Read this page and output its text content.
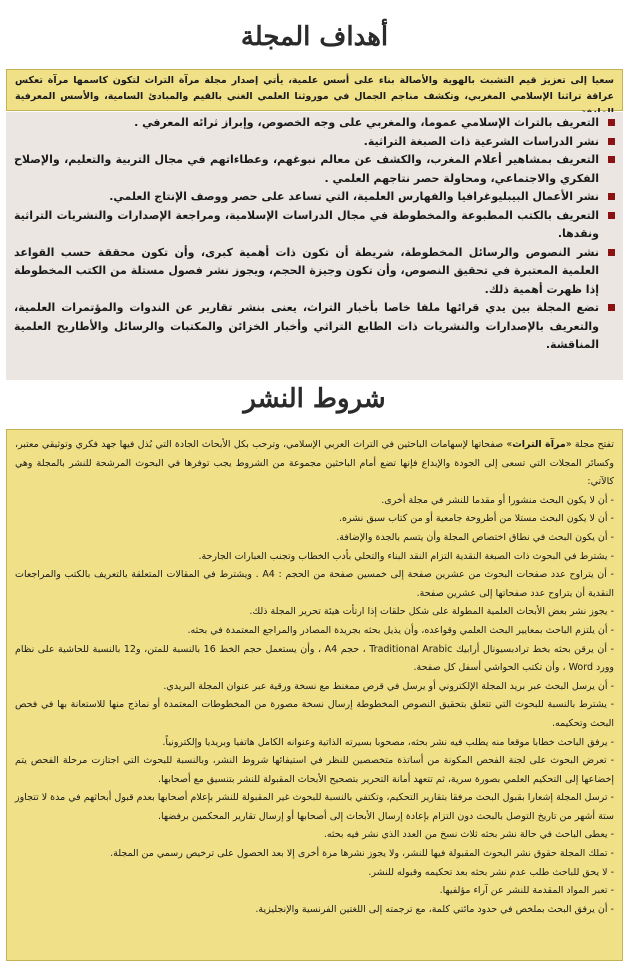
أهداف المجلة
سعيا إلى تعزيز قيم التشبث بالهوية والأصالة بناء على أسس علمية، يأتي إصدار مجلة مرآة التراث لتكون كاسمها مرآة تعكس عراقة تراثنا الإسلامي المغربي، وتكشف مناجم الجمال في موروثنا العلمي الغني بالقيم والمبادئ السامية، والأسس المعرفية
التعريف بالتراث الإسلامي عموما، والمغربي على وجه الخصوص، وإبراز ثرائه المعرفي .
نشر الدراسات الشرعية ذات الصبغة التراثية.
التعريف بمشاهير أعلام المغرب، والكشف عن معالم نبوغهم، وعطاءاتهم في مجال التربية والتعليم، والإصلاح الفكري والاجتماعي، ومحاولة حصر نتاجهم العلمي .
نشر الأعمال البيبليوغرافيا والفهارس العلمية، التي تساعد على حصر ووصف الإنتاج العلمي.
التعريف بالكتب المطبوعة والمخطوطة في مجال الدراسات الإسلامية، ومراجعة الإصدارات والنشريات التراثية ونقدها.
نشر النصوص والرسائل المخطوطة، شريطة أن تكون ذات أهمية كبرى، وأن تكون محققة حسب القواعد العلمية المعتبرة في تحقيق النصوص، وأن تكون وجيزة الحجم، ويجوز نشر فصول مستلة من الكتب المخطوطة إذا ظهرت أهمية ذلك.
تضع المجلة بين يدي قرائها ملفا خاصا بأخبار التراث، يعنى بنشر تقارير عن الندوات والمؤتمرات العلمية، والتعريف بالإصدارات والنشريات ذات الطابع التراثي وأخبار الخزائن والمكتبات والرسائل والأطاريح العلمية المناقشة.
شروط النشر

تفتح مجلة «مرآة التراث» صفحاتها لإسهامات الباحثين في التراث العربي الإسلامي، وترحب بكل الأبحاث الجادة التي بُذل فيها جهد فكري وتوثيقي معتبر، وكسائر المجلات التي تسعى إلى الجودة والإبداع فإنها تضع أمام الباحثين مجموعة من الشروط يجب توفرها في البحوث المرشحة للنشر بالمجلة وهي كالآتي:

- أن لا يكون البحث منشورا أو مقدما للنشر في مجلة أخرى.

- أن لا يكون البحث مستلا من أطروحة جامعية أو من كتاب سبق نشره.

- أن يكون البحث في نطاق اختصاص المجلة وأن يتسم بالجدة والإضافة.

- يشترط في البحوث ذات الصبغة النقدية التزام النقد البناء والتحلي بأدب الخطاب وتجنب العبارات الجارحة.

- أن يتراوح عدد صفحات البحوث من عشرين صفحة إلى خمسين صفحة من الحجم : A4 . ويشترط في المقالات المتعلقة بالتعريف بالكتب والمراجعات النقدية أن يتراوح عدد صفحاتها إلى عشرين صفحة.

- يجوز نشر بعض الأبحاث العلمية المطولة على شكل حلقات إذا ارتأت هيئة تحرير المجلة ذلك.

- أن يلتزم الباحث بمعايير البحث العلمي وقواعده، وأن يذيل بحثه بجريدة المصادر والمراجع المعتمدة في بحثه.

- أن يرقن بحثه بخط ترادبسيونال أرابيك Traditional Arabic ، حجم A4 ، وأن يستعمل حجم الخط 16 بالنسبة للمتن، و12 بالنسبة للحاشية على نظام وورد Word ، وأن تكتب الحواشي أسفل كل صفحة.

- أن يرسل البحث عبر بريد المجلة الإلكتروني أو يرسل في قرص ممغنط مع نسخة ورقية عبر عنوان المجلة البريدي.

- يشترط بالنسبة للبحوث التي تتعلق بتحقيق النصوص المخطوطة إرسال نسخة مصورة من المخطوطات المعتمدة أو نماذج منها للاستعانة بها في فحص البحث وتحكيمه.

- يرفق الباحث خطابا موقعا منه يطلب فيه نشر بحثه، مصحوبا بسيرته الذاتية وعنوانه الكامل هاتفيا وبريديا وإلكترونياً.

- تعرض البحوث على لجنة الفحص المكونة من أساتذة متخصصين للنظر في استيفائها شروط النشر، وبالنسبة للبحوث التي اجتازت مرحلة الفحص يتم إخضاعها إلى التحكيم العلمي بصورة سرية، ثم تتعهد أمانة التحرير بتصحيح الأبحاث المقبولة للنشر بتنسيق مع أصحابها.

- ترسل المجلة إشعارا بقبول البحث مرفقا بتقارير التحكيم، وتكتفي بالنسبة للبحوث غير المقبولة للنشر بإعلام أصحابها بعدم قبول أبحاثهم في مدة لا تتجاوز ستة أشهر من تاريخ التوصل بالبحث دون التزام بإعادة إرسال الأبحاث إلى أصحابها أو إرسال تقارير المحكمين برفضها.

- يعطى الباحث في حالة نشر بحثه ثلاث نسخ من العدد الذي نشر فيه بحثه.

- تملك المجلة حقوق نشر البحوث المقبولة فيها للنشر، ولا يجوز نشرها مرة أخرى إلا بعد الحصول على ترخيص رسمي من المجلة.

- لا يحق للباحث طلب عدم نشر بحثه بعد تحكيمه وقبوله للنشر.

- تعبر المواد المقدمة للنشر عن آراء مؤلفيها.

- أن يرفق البحث بملخص في حدود مائتي كلمة، مع ترجمته إلى اللغتين الفرنسية والإنجليزية.
